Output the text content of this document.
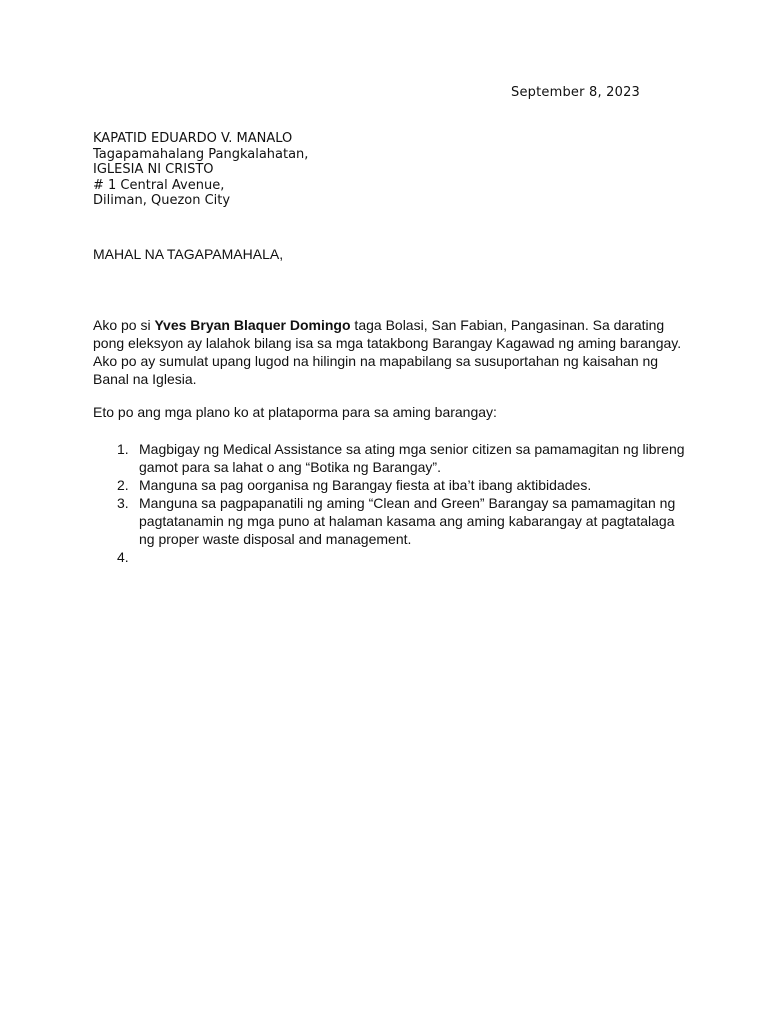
September 8, 2023
KAPATID EDUARDO V. MANALO
Tagapamahalang Pangkalahatan,
IGLESIA NI CRISTO
# 1 Central Avenue,
Diliman, Quezon City
MAHAL NA TAGAPAMAHALA,
Ako po si Yves Bryan Blaquer Domingo taga Bolasi, San Fabian, Pangasinan. Sa darating pong eleksyon ay lalahok bilang isa sa mga tatakbong Barangay Kagawad ng aming barangay. Ako po ay sumulat upang lugod na hilingin na mapabilang sa susuportahan ng kaisahan ng Banal na Iglesia.
Eto po ang mga plano ko at plataporma para sa aming barangay:
1. Magbigay ng Medical Assistance sa ating mga senior citizen sa pamamagitan ng libreng gamot para sa lahat o ang “Botika ng Barangay”.
2. Manguna sa pag oorganisa ng Barangay fiesta at iba’t ibang aktibidades.
3. Manguna sa pagpapanatili ng aming “Clean and Green” Barangay sa pamamagitan ng pagtatanamin ng mga puno at halaman kasama ang aming kabarangay at pagtatalaga ng proper waste disposal and management.
4.
